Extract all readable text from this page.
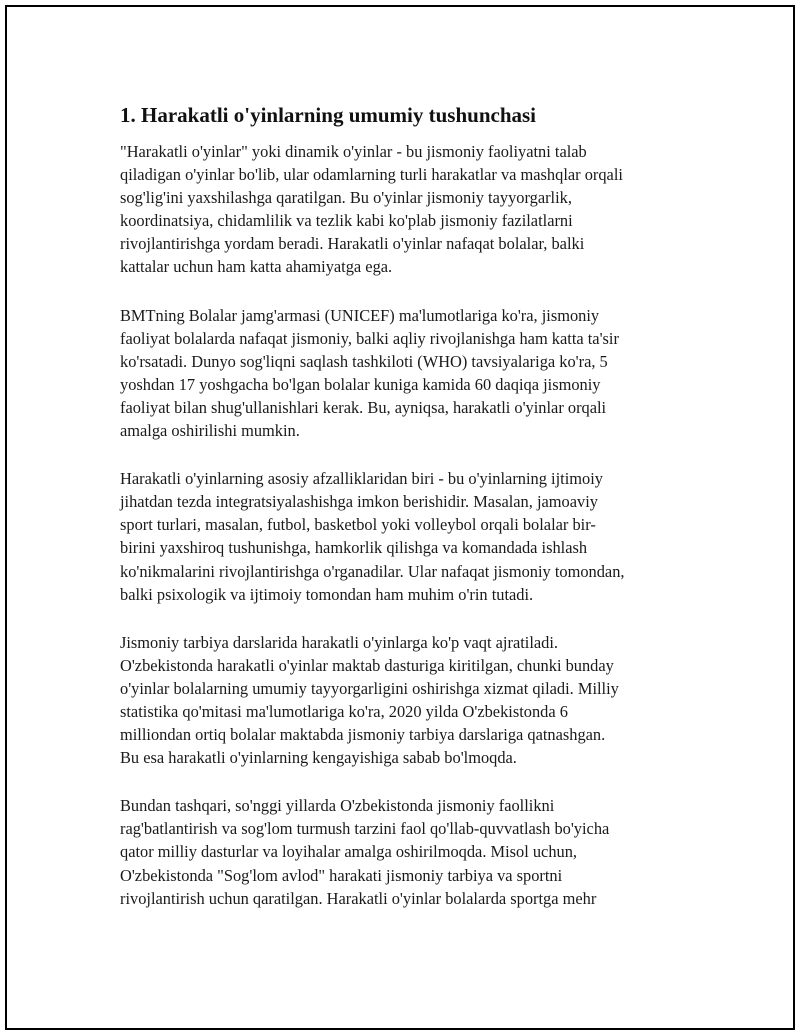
1. Harakatli o'yinlarning umumiy tushunchasi

"Harakatli o'yinlar" yoki dinamik o'yinlar - bu jismoniy faoliyatni talab
qiladigan o'yinlar bo'lib, ular odamlarning turli harakatlar va mashqlar orqali
sog'lig'ini yaxshilashga qaratilgan. Bu o'yinlar jismoniy tayyorgarlik,
koordinatsiya, chidamlilik va tezlik kabi ko'plab jismoniy fazilatlarni
rivojlantirishga yordam beradi. Harakatli o'yinlar nafaqat bolalar, balki
kattalar uchun ham katta ahamiyatga ega.

BMTning Bolalar jamg'armasi (UNICEF) ma'lumotlariga ko'ra, jismoniy
faoliyat bolalarda nafaqat jismoniy, balki aqliy rivojlanishga ham katta ta'sir
ko'rsatadi. Dunyo sog'liqni saqlash tashkiloti (WHO) tavsiyalariga ko'ra, 5
yoshdan 17 yoshgacha bo'lgan bolalar kuniga kamida 60 daqiqa jismoniy
faoliyat bilan shug'ullanishlari kerak. Bu, ayniqsa, harakatli o'yinlar orqali
amalga oshirilishi mumkin.

Harakatli o'yinlarning asosiy afzalliklaridan biri - bu o'yinlarning ijtimoiy
jihatdan tezda integratsiyalashishga imkon berishidir. Masalan, jamoaviy
sport turlari, masalan, futbol, basketbol yoki volleybol orqali bolalar bir-
birini yaxshiroq tushunishga, hamkorlik qilishga va komandada ishlash
ko'nikmalarini rivojlantirishga o'rganadilar. Ular nafaqat jismoniy tomondan,
balki psixologik va ijtimoiy tomondan ham muhim o'rin tutadi.

Jismoniy tarbiya darslarida harakatli o'yinlarga ko'p vaqt ajratiladi.
O'zbekistonda harakatli o'yinlar maktab dasturiga kiritilgan, chunki bunday
o'yinlar bolalarning umumiy tayyorgarligini oshirishga xizmat qiladi. Milliy
statistika qo'mitasi ma'lumotlariga ko'ra, 2020 yilda O'zbekistonda 6
milliondan ortiq bolalar maktabda jismoniy tarbiya darslariga qatnashgan.
Bu esa harakatli o'yinlarning kengayishiga sabab bo'lmoqda.

Bundan tashqari, so'nggi yillarda O'zbekistonda jismoniy faollikni
rag'batlantirish va sog'lom turmush tarzini faol qo'llab-quvvatlash bo'yicha
qator milliy dasturlar va loyihalar amalga oshirilmoqda. Misol uchun,
O'zbekistonda "Sog'lom avlod" harakati jismoniy tarbiya va sportni
rivojlantirish uchun qaratilgan. Harakatli o'yinlar bolalarda sportga mehr
